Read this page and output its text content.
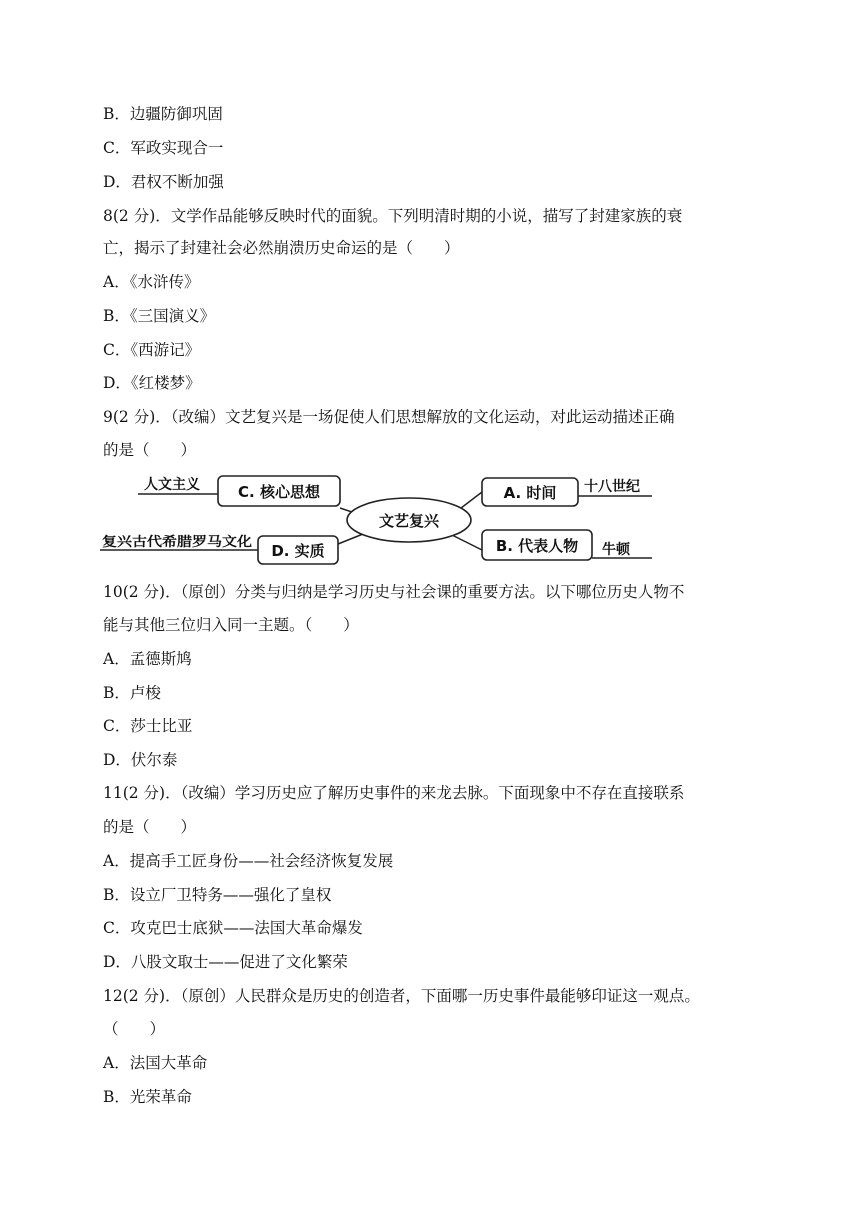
B．边疆防御巩固
C．军政实现合一
D．君权不断加强
8(2 分)．文学作品能够反映时代的面貌。下列明清时期的小说，描写了封建家族的衰
亡，揭示了封建社会必然崩溃历史命运的是（　　）
A．《水浒传》
B．《三国演义》
C．《西游记》
D．《红楼梦》
9(2 分)．（改编）文艺复兴是一场促使人们思想解放的文化运动，对此运动描述正确
的是（　　）
文艺复兴
C. 核心思想
D. 实质
A. 时间
B. 代表人物
人文主义
复兴古代希腊罗马文化
十八世纪
牛顿
10(2 分)．（原创）分类与归纳是学习历史与社会课的重要方法。以下哪位历史人物不
能与其他三位归入同一主题。（　　）
A．孟德斯鸠
B．卢梭
C．莎士比亚
D．伏尔泰
11(2 分)．（改编）学习历史应了解历史事件的来龙去脉。下面现象中不存在直接联系
的是（　　）
A．提高手工匠身份——社会经济恢复发展
B．设立厂卫特务——强化了皇权
C．攻克巴士底狱——法国大革命爆发
D．八股文取士——促进了文化繁荣
12(2 分)．（原创）人民群众是历史的创造者，下面哪一历史事件最能够印证这一观点。
（　　）
A．法国大革命
B．光荣革命
